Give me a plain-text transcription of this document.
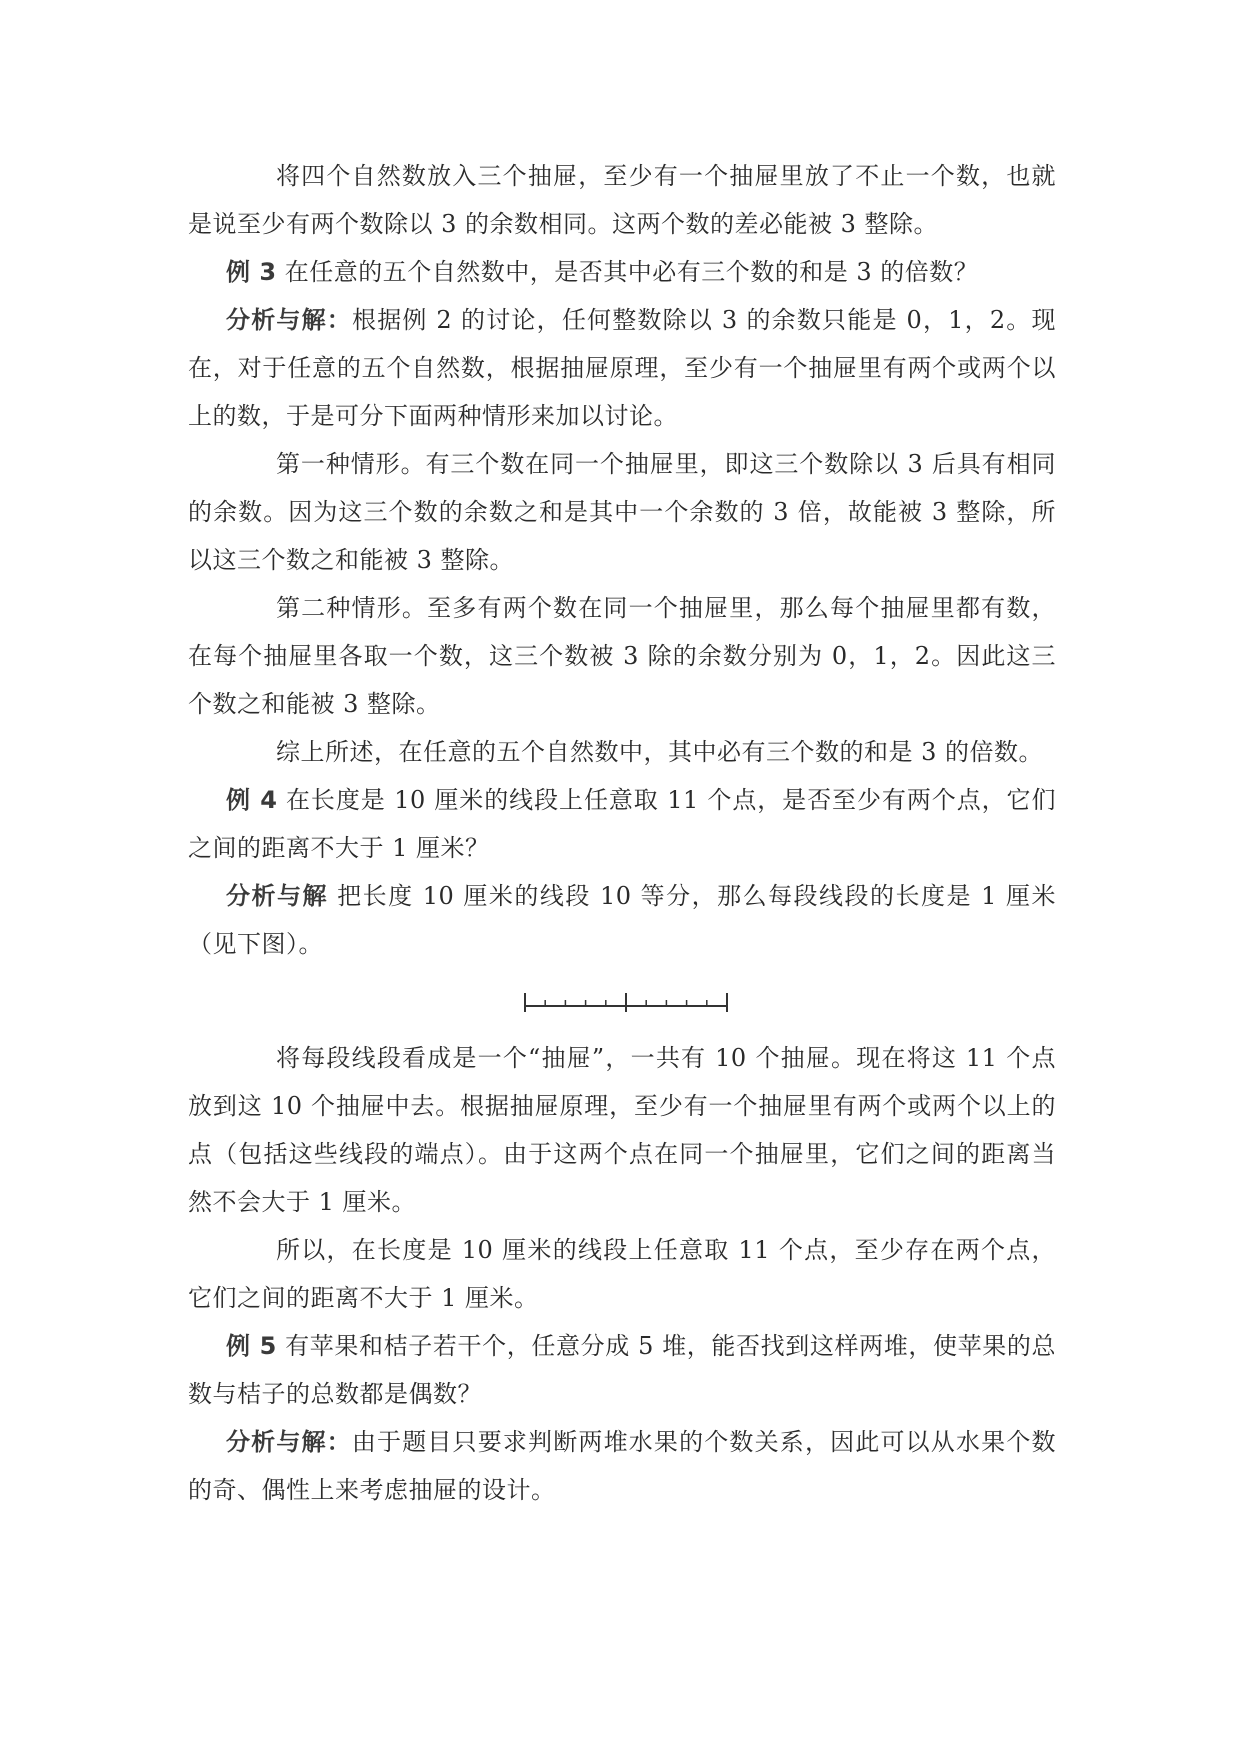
将四个自然数放入三个抽屉，至少有一个抽屉里放了不止一个数，也就是说至少有两个数除以 3 的余数相同。这两个数的差必能被 3 整除。

例 3 在任意的五个自然数中，是否其中必有三个数的和是 3 的倍数？

分析与解：根据例 2 的讨论，任何整数除以 3 的余数只能是 0，1，2。现在，对于任意的五个自然数，根据抽屉原理，至少有一个抽屉里有两个或两个以上的数，于是可分下面两种情形来加以讨论。

第一种情形。有三个数在同一个抽屉里，即这三个数除以 3 后具有相同的余数。因为这三个数的余数之和是其中一个余数的 3 倍，故能被 3 整除，所以这三个数之和能被 3 整除。

第二种情形。至多有两个数在同一个抽屉里，那么每个抽屉里都有数，在每个抽屉里各取一个数，这三个数被 3 除的余数分别为 0，1，2。因此这三个数之和能被 3 整除。

综上所述，在任意的五个自然数中，其中必有三个数的和是 3 的倍数。

例 4 在长度是 10 厘米的线段上任意取 11 个点，是否至少有两个点，它们之间的距离不大于 1 厘米？

分析与解 把长度 10 厘米的线段 10 等分，那么每段线段的长度是 1 厘米（见下图）。

将每段线段看成是一个“抽屉”，一共有 10 个抽屉。现在将这 11 个点放到这 10 个抽屉中去。根据抽屉原理，至少有一个抽屉里有两个或两个以上的点（包括这些线段的端点）。由于这两个点在同一个抽屉里，它们之间的距离当然不会大于 1 厘米。

所以，在长度是 10 厘米的线段上任意取 11 个点，至少存在两个点，它们之间的距离不大于 1 厘米。

例 5 有苹果和桔子若干个，任意分成 5 堆，能否找到这样两堆，使苹果的总数与桔子的总数都是偶数？

分析与解：由于题目只要求判断两堆水果的个数关系，因此可以从水果个数的奇、偶性上来考虑抽屉的设计。
